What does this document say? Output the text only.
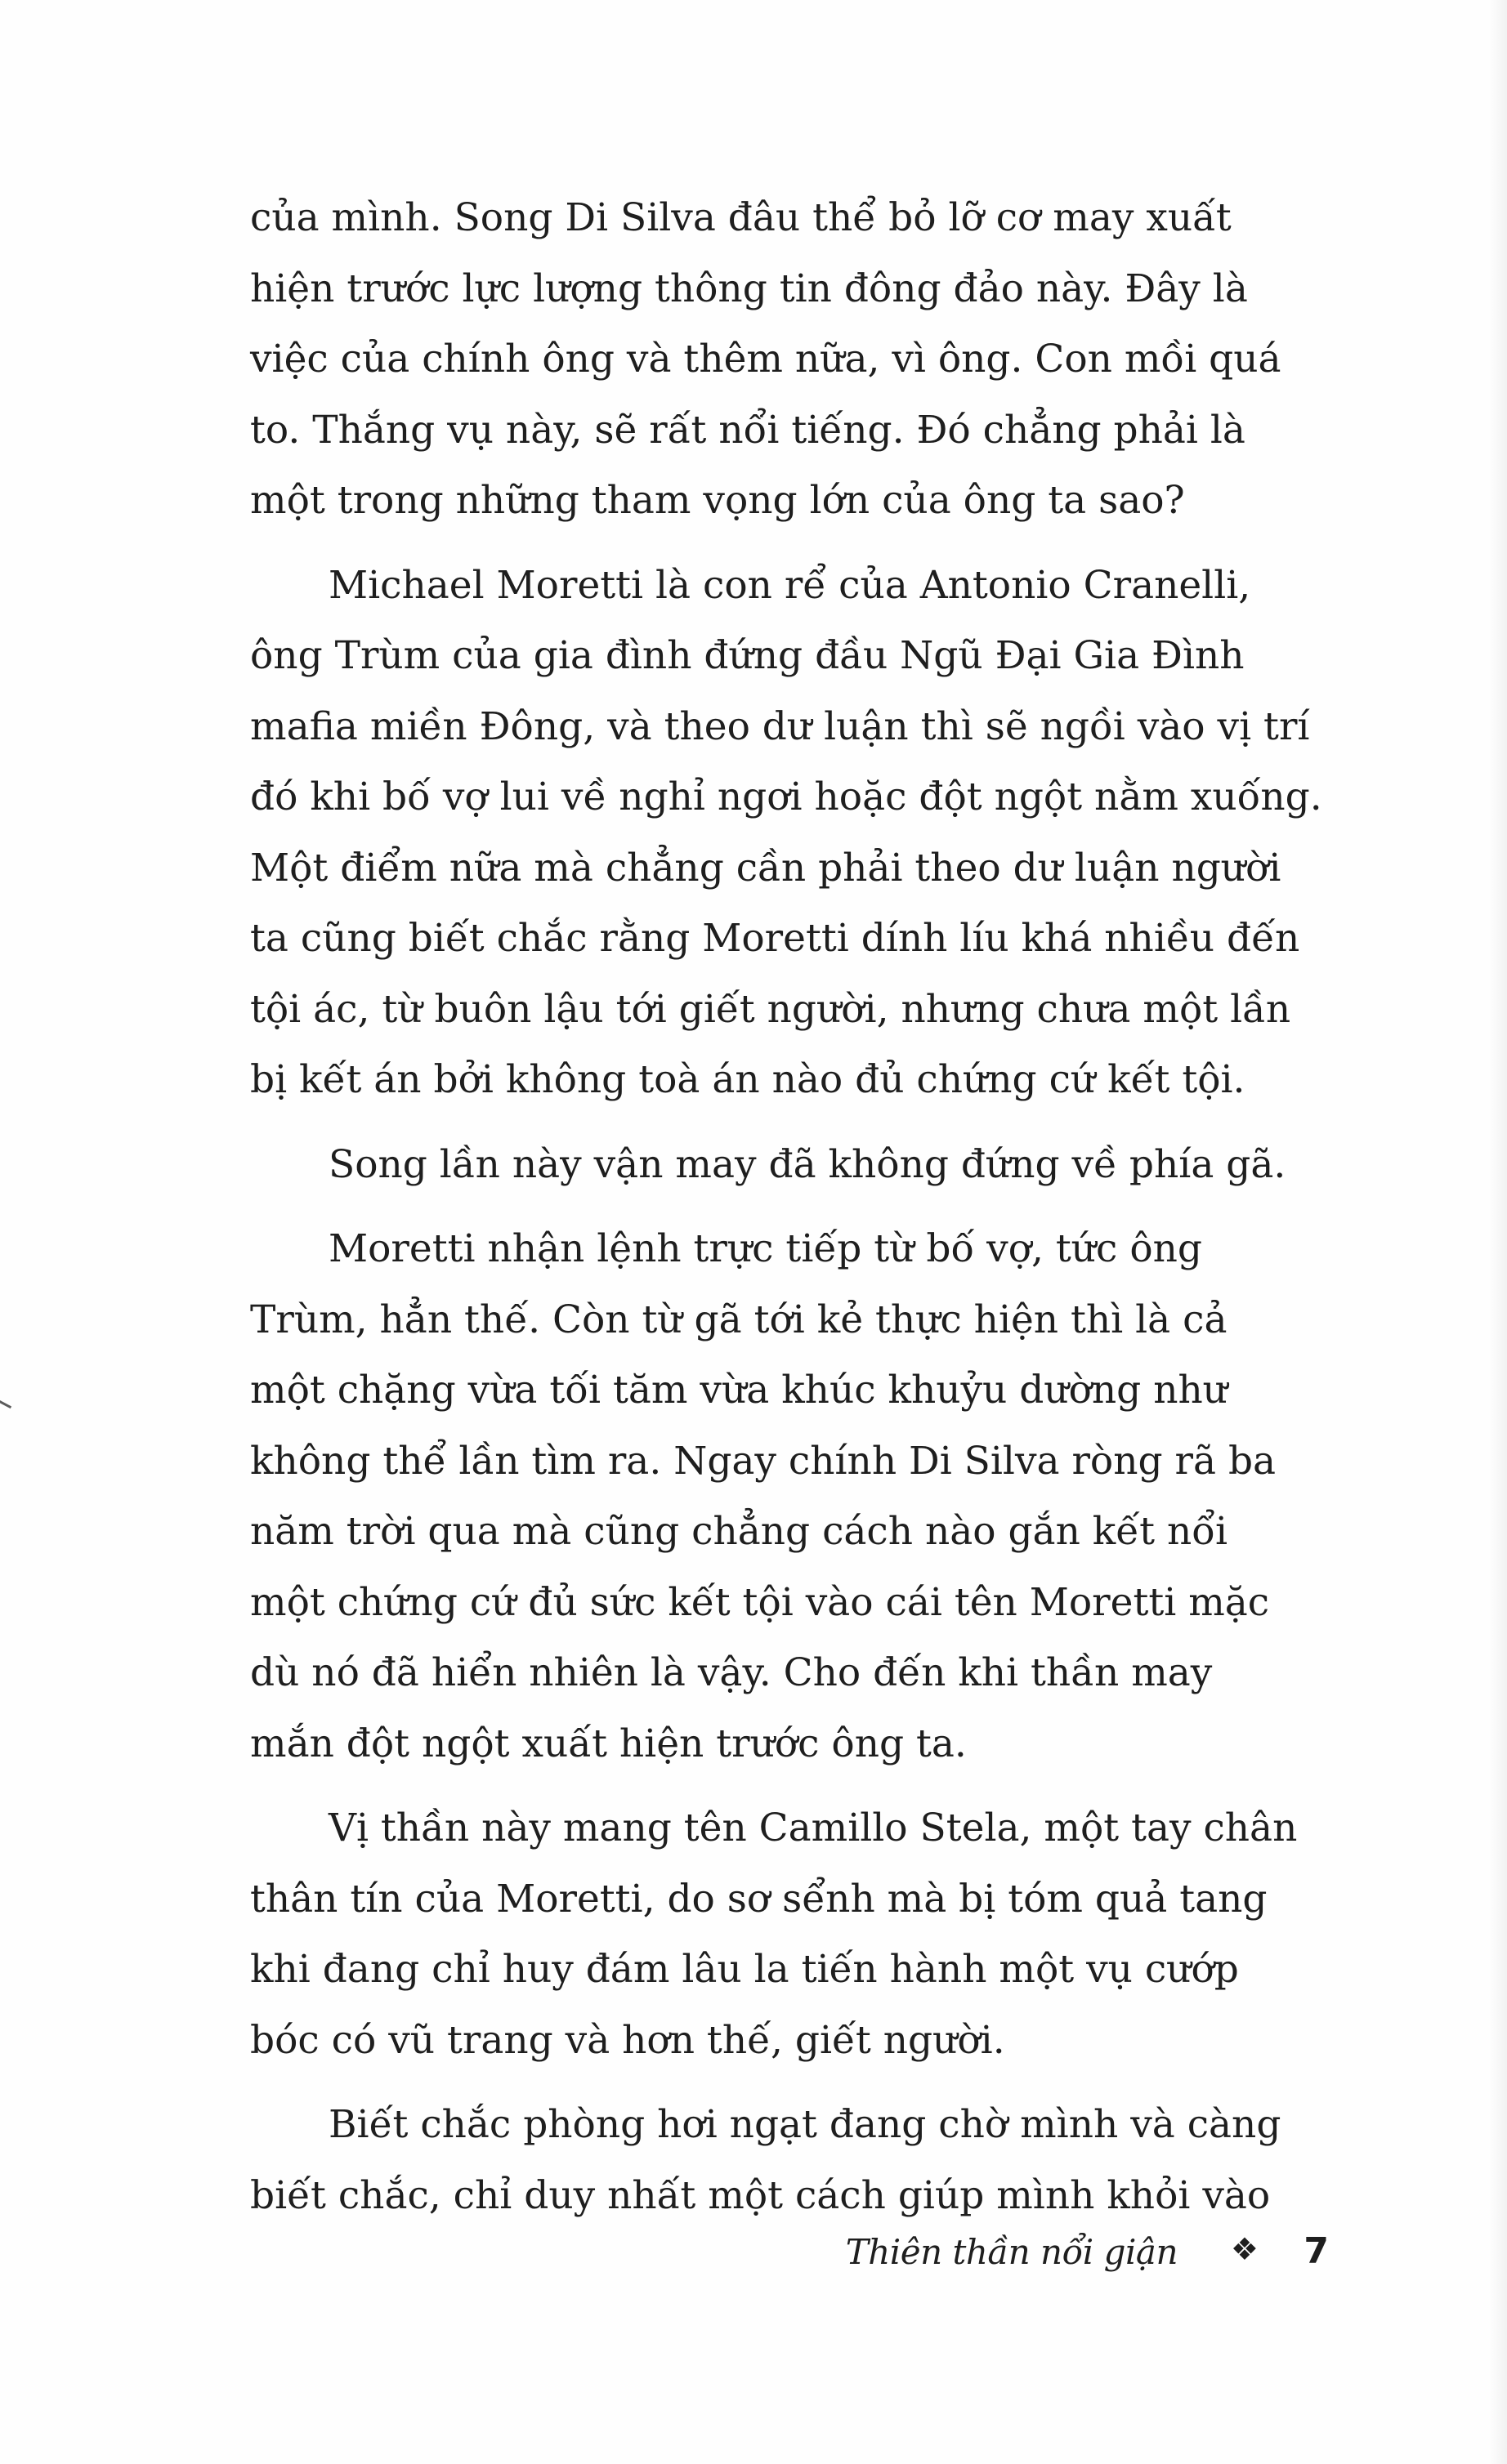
của mình. Song Di Silva đâu thể bỏ lỡ cơ may xuất
hiện trước lực lượng thông tin đông đảo này. Đây là
việc của chính ông và thêm nữa, vì ông. Con mồi quá
to. Thắng vụ này, sẽ rất nổi tiếng. Đó chẳng phải là
một trong những tham vọng lớn của ông ta sao?
Michael Moretti là con rể của Antonio Cranelli,
ông Trùm của gia đình đứng đầu Ngũ Đại Gia Đình
mafia miền Đông, và theo dư luận thì sẽ ngồi vào vị trí
đó khi bố vợ lui về nghỉ ngơi hoặc đột ngột nằm xuống.
Một điểm nữa mà chẳng cần phải theo dư luận người
ta cũng biết chắc rằng Moretti dính líu khá nhiều đến
tội ác, từ buôn lậu tới giết người, nhưng chưa một lần
bị kết án bởi không toà án nào đủ chứng cứ kết tội.
Song lần này vận may đã không đứng về phía gã.
Moretti nhận lệnh trực tiếp từ bố vợ, tức ông
Trùm, hẳn thế. Còn từ gã tới kẻ thực hiện thì là cả
một chặng vừa tối tăm vừa khúc khuỷu dường như
không thể lần tìm ra. Ngay chính Di Silva ròng rã ba
năm trời qua mà cũng chẳng cách nào gắn kết nổi
một chứng cứ đủ sức kết tội vào cái tên Moretti mặc
dù nó đã hiển nhiên là vậy. Cho đến khi thần may
mắn đột ngột xuất hiện trước ông ta.
Vị thần này mang tên Camillo Stela, một tay chân
thân tín của Moretti, do sơ sểnh mà bị tóm quả tang
khi đang chỉ huy đám lâu la tiến hành một vụ cướp
bóc có vũ trang và hơn thế, giết người.
Biết chắc phòng hơi ngạt đang chờ mình và càng
biết chắc, chỉ duy nhất một cách giúp mình khỏi vào
Thiên thần nổi giận ❖ 7
